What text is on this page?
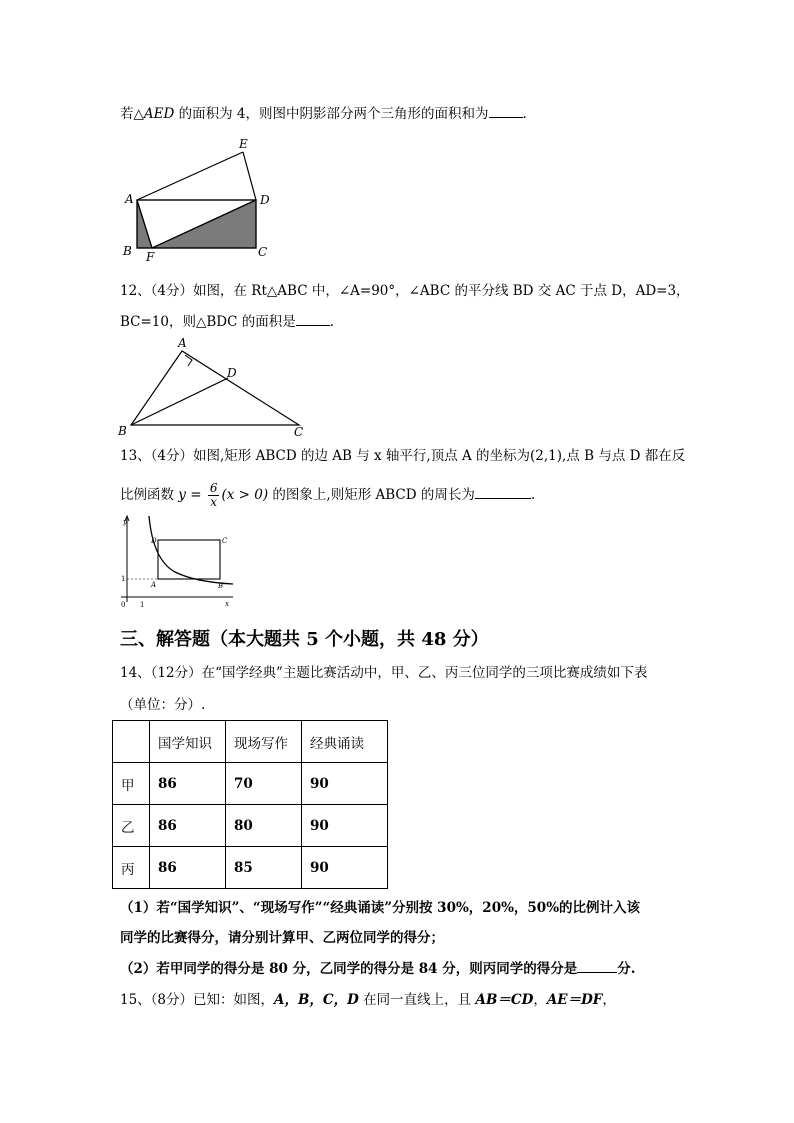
若△AED 的面积为 4，则图中阴影部分两个三角形的面积和为	.
E
A	D
B F	C
12、（4分）如图，在 Rt△ABC 中，∠A=90°，∠ABC 的平分线 BD 交 AC 于点 D，AD=3，
BC=10，则△BDC 的面积是	.
A
D
B	C
13、（4分）如图,矩形 ABCD 的边 AB 与 x 轴平行,顶点 A 的坐标为(2,1),点 B 与点 D 都在反
比例函数 $y = \frac{6}{x} (x > 0)$ 的图象上,则矩形 ABCD 的周长为	.
y
D	C
1
A	B
0 1	x
三、解答题（本大题共 5 个小题，共 48 分）
14、（12分）在“国学经典”主题比赛活动中，甲、乙、丙三位同学的三项比赛成绩如下表
（单位：分）.
	国学知识	现场写作	经典诵读
甲	86	70	90
乙	86	80	90
丙	86	85	90
（1）若“国学知识”、“现场写作”“经典诵读”分别按 30%，20%，50%的比例计入该
同学的比赛得分，请分别计算甲、乙两位同学的得分；
（2）若甲同学的得分是 80 分，乙同学的得分是 84 分，则丙同学的得分是	分.
15、（8分）已知：如图，A，B，C，D 在同一直线上，且 AB＝CD，AE＝DF，
